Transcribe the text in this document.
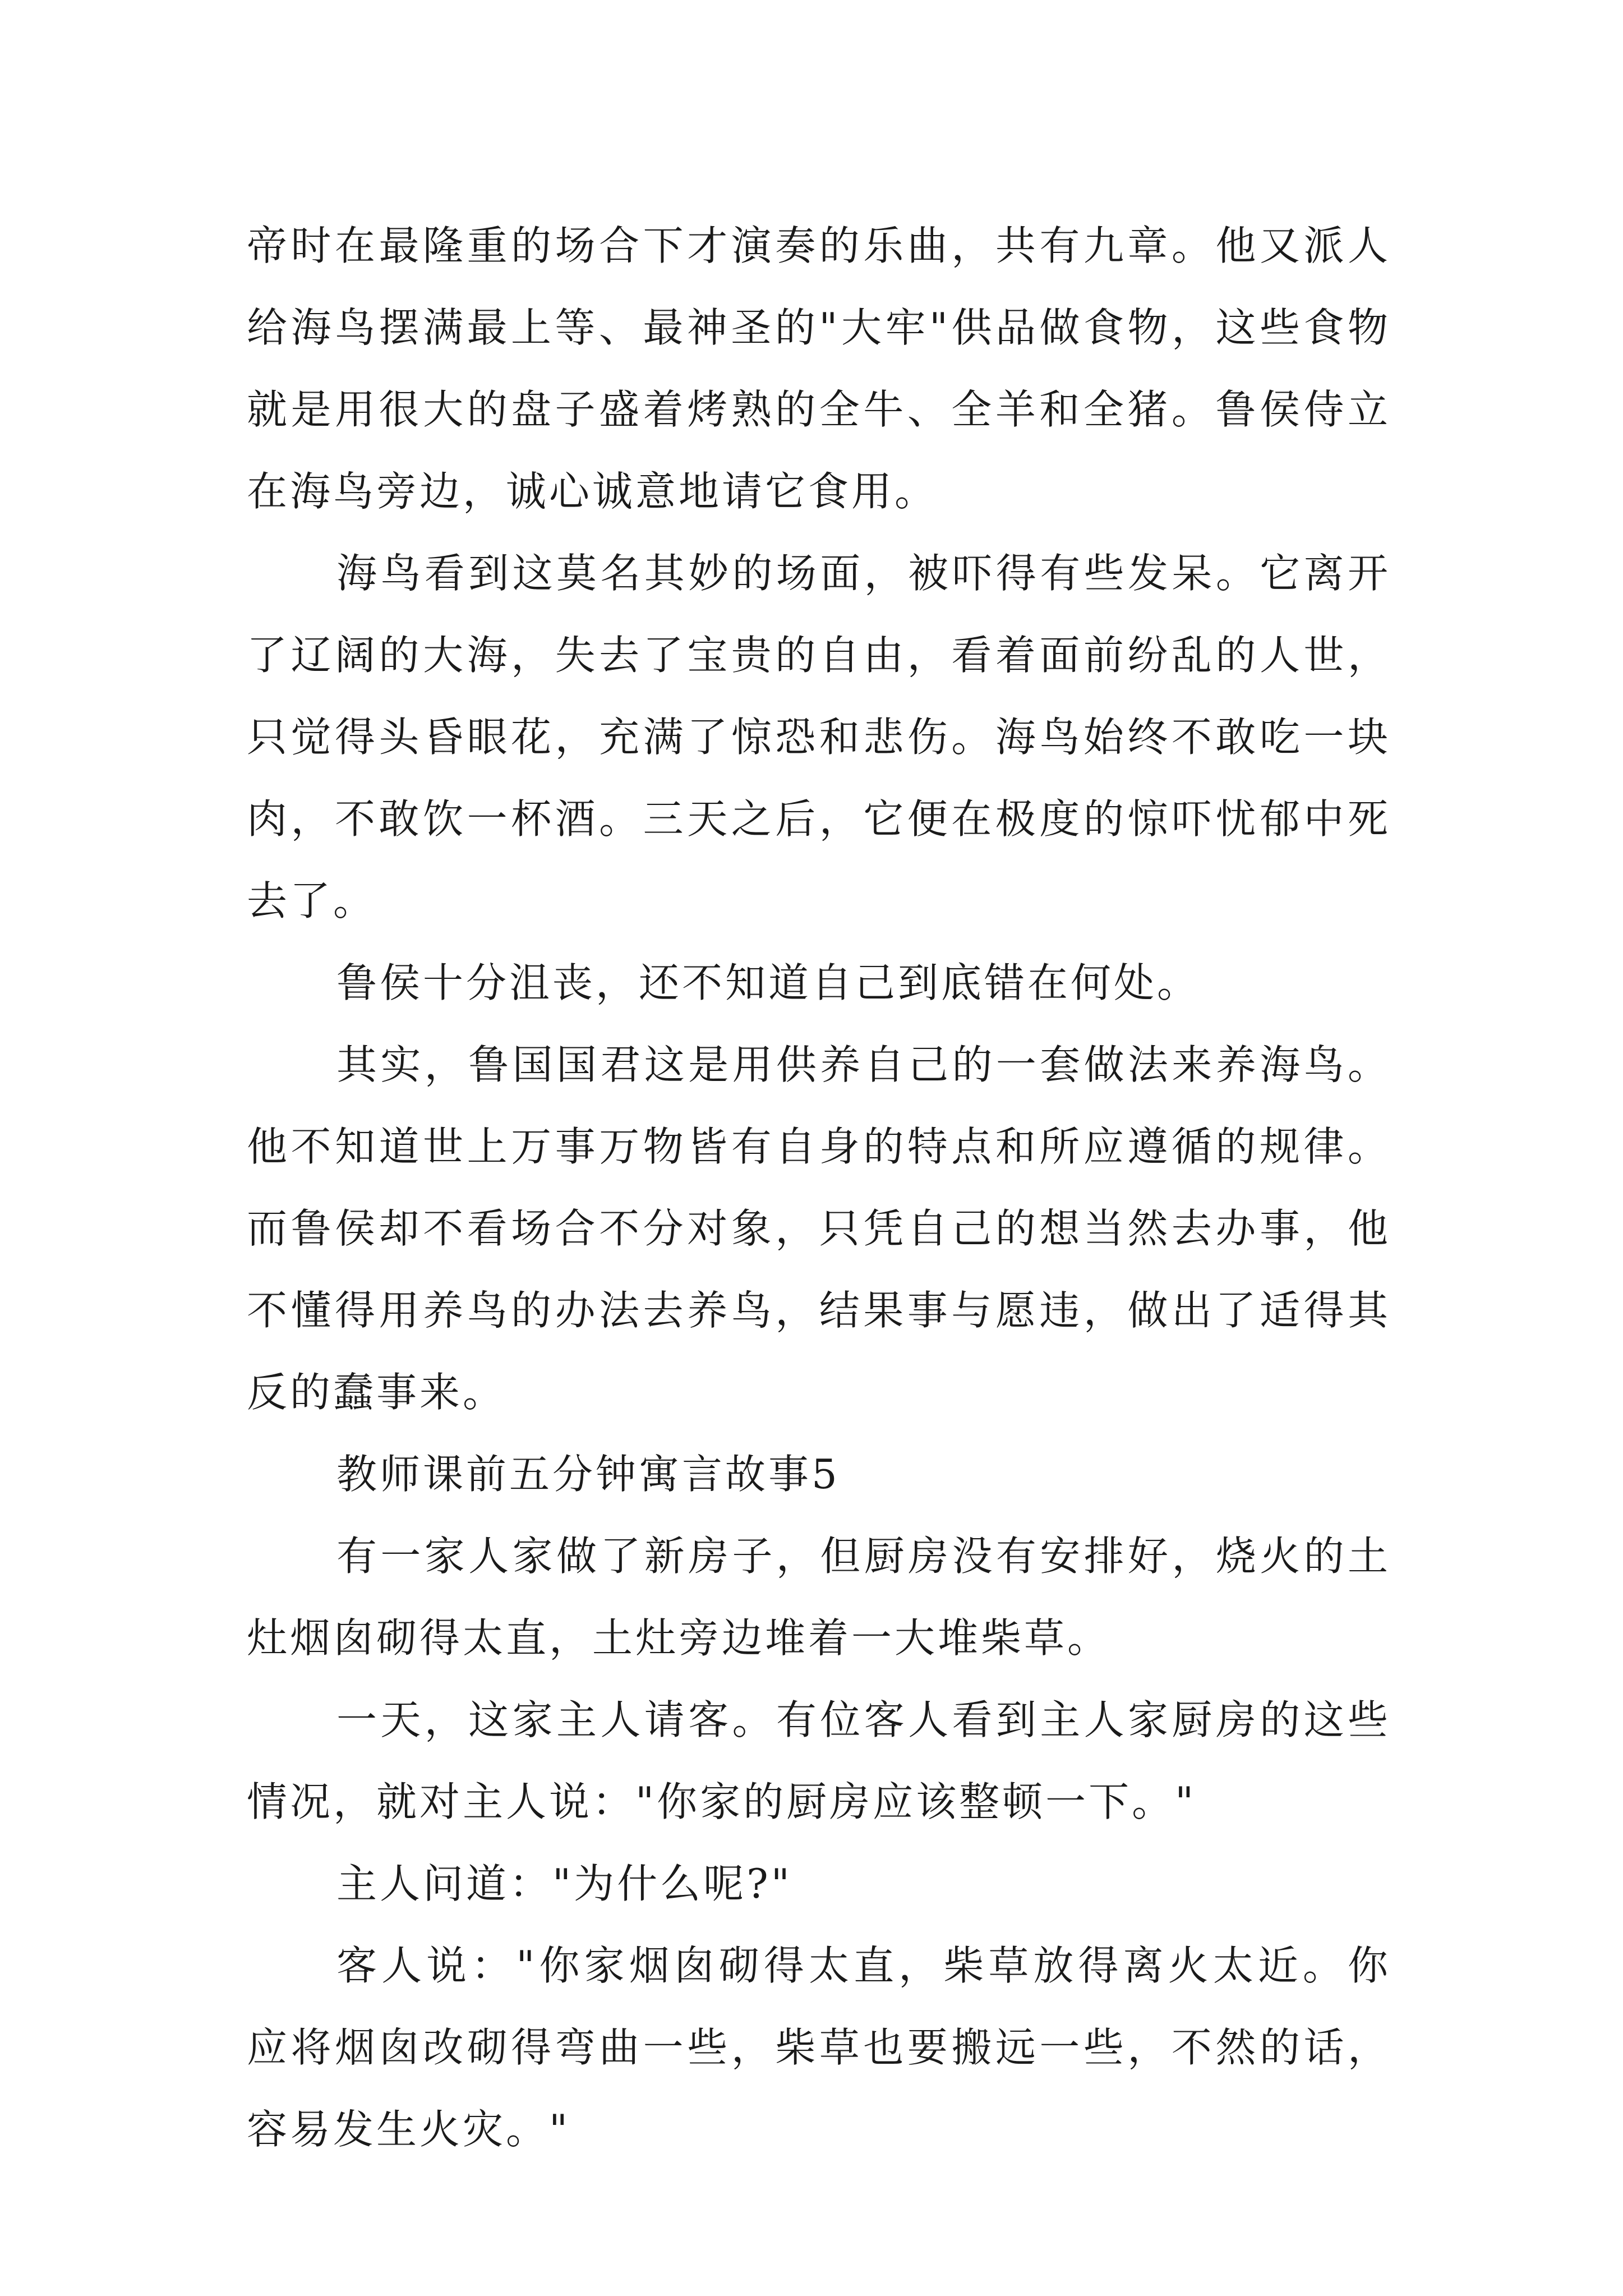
帝时在最隆重的场合下才演奏的乐曲，共有九章。他又派人给海鸟摆满最上等、最神圣的"大牢"供品做食物，这些食物就是用很大的盘子盛着烤熟的全牛、全羊和全猪。鲁侯侍立在海鸟旁边，诚心诚意地请它食用。

海鸟看到这莫名其妙的场面，被吓得有些发呆。它离开了辽阔的大海，失去了宝贵的自由，看着面前纷乱的人世，只觉得头昏眼花，充满了惊恐和悲伤。海鸟始终不敢吃一块肉，不敢饮一杯酒。三天之后，它便在极度的惊吓忧郁中死去了。

鲁侯十分沮丧，还不知道自己到底错在何处。

其实，鲁国国君这是用供养自己的一套做法来养海鸟。他不知道世上万事万物皆有自身的特点和所应遵循的规律。而鲁侯却不看场合不分对象，只凭自己的想当然去办事，他不懂得用养鸟的办法去养鸟，结果事与愿违，做出了适得其反的蠢事来。

教师课前五分钟寓言故事5

有一家人家做了新房子，但厨房没有安排好，烧火的土灶烟囱砌得太直，土灶旁边堆着一大堆柴草。

一天，这家主人请客。有位客人看到主人家厨房的这些情况，就对主人说："你家的厨房应该整顿一下。"

主人问道："为什么呢?"

客人说："你家烟囱砌得太直，柴草放得离火太近。你应将烟囱改砌得弯曲一些，柴草也要搬远一些，不然的话，容易发生火灾。"
